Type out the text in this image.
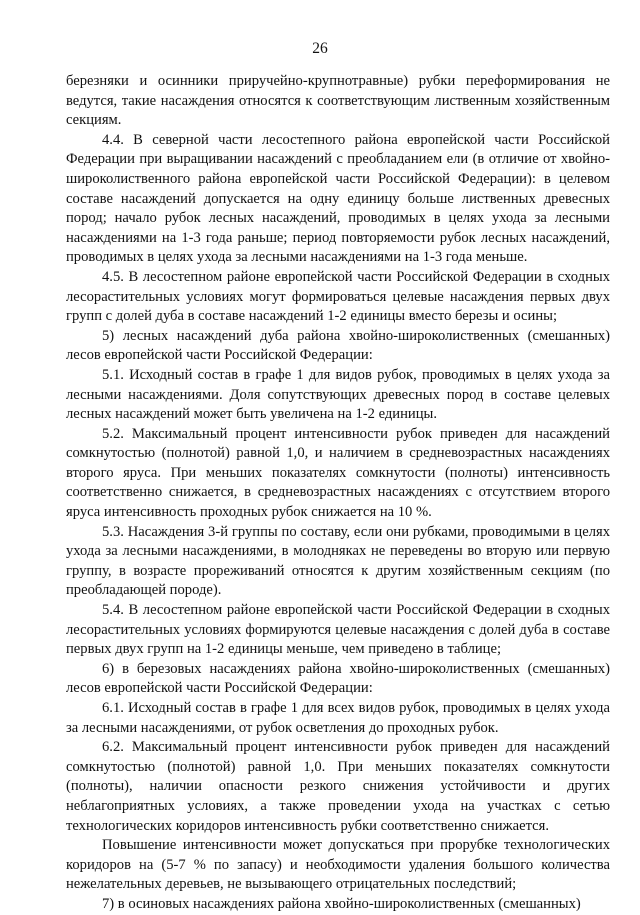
26

березняки и осинники приручейно-крупнотравные) рубки переформирования не ведутся, такие насаждения относятся к соответствующим лиственным хозяйственным секциям.

4.4. В северной части лесостепного района европейской части Российской Федерации при выращивании насаждений с преобладанием ели (в отличие от хвойно-широколиственного района европейской части Российской Федерации): в целевом составе насаждений допускается на одну единицу больше лиственных древесных пород; начало рубок лесных насаждений, проводимых в целях ухода за лесными насаждениями на 1-3 года раньше; период повторяемости рубок лесных насаждений, проводимых в целях ухода за лесными насаждениями на 1-3 года меньше.

4.5. В лесостепном районе европейской части Российской Федерации в сходных лесорастительных условиях могут формироваться целевые насаждения первых двух групп с долей дуба в составе насаждений 1-2 единицы вместо березы и осины;

5) лесных насаждений дуба района хвойно-широколиственных (смешанных) лесов европейской части Российской Федерации:

5.1. Исходный состав в графе 1 для видов рубок, проводимых в целях ухода за лесными насаждениями. Доля сопутствующих древесных пород в составе целевых лесных насаждений может быть увеличена на 1-2 единицы.

5.2. Максимальный процент интенсивности рубок приведен для насаждений сомкнутостью (полнотой) равной 1,0, и наличием в средневозрастных насаждениях второго яруса. При меньших показателях сомкнутости (полноты) интенсивность соответственно снижается, в средневозрастных насаждениях с отсутствием второго яруса интенсивность проходных рубок снижается на 10 %.

5.3. Насаждения 3-й группы по составу, если они рубками, проводимыми в целях ухода за лесными насаждениями, в молодняках не переведены во вторую или первую группу, в возрасте прореживаний относятся к другим хозяйственным секциям (по преобладающей породе).

5.4. В лесостепном районе европейской части Российской Федерации в сходных лесорастительных условиях формируются целевые насаждения с долей дуба в составе первых двух групп на 1-2 единицы меньше, чем приведено в таблице;

6) в березовых насаждениях района хвойно-широколиственных (смешанных) лесов европейской части Российской Федерации:

6.1. Исходный состав в графе 1 для всех видов рубок, проводимых в целях ухода за лесными насаждениями, от рубок осветления до проходных рубок.

6.2. Максимальный процент интенсивности рубок приведен для насаждений сомкнутостью (полнотой) равной 1,0. При меньших показателях сомкнутости (полноты), наличии опасности резкого снижения устойчивости и других неблагоприятных условиях, а также проведении ухода на участках с сетью технологических коридоров интенсивность рубки соответственно снижается.

Повышение интенсивности может допускаться при прорубке технологических коридоров на (5-7 % по запасу) и необходимости удаления большого количества нежелательных деревьев, не вызывающего отрицательных последствий;

7) в осиновых насаждениях района хвойно-широколиственных (смешанных)
